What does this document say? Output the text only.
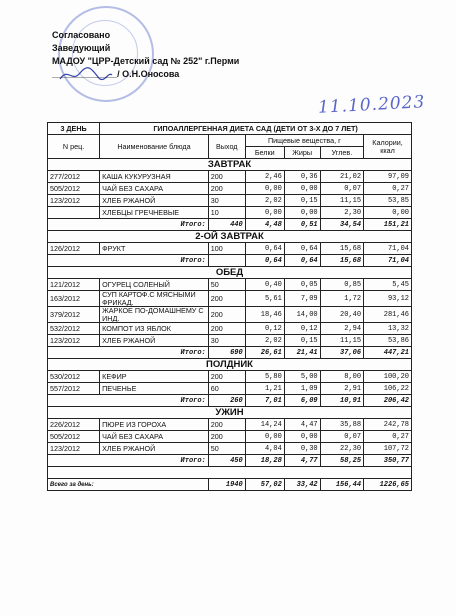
Согласовано
Заведующий
МАДОУ "ЦРР-Детский сад № 252" г.Перми
_____________/ О.Н.Оносова
11.10.2023
3 ДЕНЬ	ГИПОАЛЛЕРГЕННАЯ ДИЕТА САД (ДЕТИ ОТ 3-Х ДО 7 ЛЕТ)					
N рец.	Наименование блюда	Выход	Пищевые вещества, г			Калории, ккал
			Белки	Жиры	Углев.	
ЗАВТРАК						
277/2012	КАША КУКУРУЗНАЯ	200	2,46	0,36	21,02	97,09
505/2012	ЧАЙ БЕЗ САХАРА	200	0,00	0,00	0,07	0,27
123/2012	ХЛЕБ РЖАНОЙ	30	2,02	0,15	11,15	53,85
	ХЛЕБЦЫ ГРЕЧНЕВЫЕ	10	0,00	0,00	2,30	0,00
Итого:		440	4,48	0,51	34,54	151,21
2-ОЙ ЗАВТРАК						
126/2012	ФРУКТ	100	0,64	0,64	15,68	71,04
Итого:			0,64	0,64	15,68	71,04
ОБЕД						
121/2012	ОГУРЕЦ СОЛЕНЫЙ	50	0,40	0,05	0,85	5,45
163/2012	СУП КАРТОФ.С МЯСНЫМИ ФРИКАД.	200	5,61	7,09	1,72	93,12
379/2012	ЖАРКОЕ ПО-ДОМАШНЕМУ С ИНД.	200	18,46	14,00	20,40	281,46
532/2012	КОМПОТ ИЗ ЯБЛОК	200	0,12	0,12	2,94	13,32
123/2012	ХЛЕБ РЖАНОЙ	30	2,02	0,15	11,15	53,86
Итого:		690	26,61	21,41	37,06	447,21
ПОЛДНИК						
530/2012	КЕФИР	200	5,80	5,00	8,00	100,20
557/2012	ПЕЧЕНЬЕ	60	1,21	1,09	2,91	106,22
Итого:		260	7,01	6,09	10,91	206,42
УЖИН						
226/2012	ПЮРЕ ИЗ ГОРОХА	200	14,24	4,47	35,88	242,78
505/2012	ЧАЙ БЕЗ САХАРА	200	0,00	0,00	0,07	0,27
123/2012	ХЛЕБ РЖАНОЙ	50	4,04	0,30	22,30	107,72
Итого:		450	18,28	4,77	58,25	350,77

Всего за день:		1940	57,02	33,42	156,44	1226,65
